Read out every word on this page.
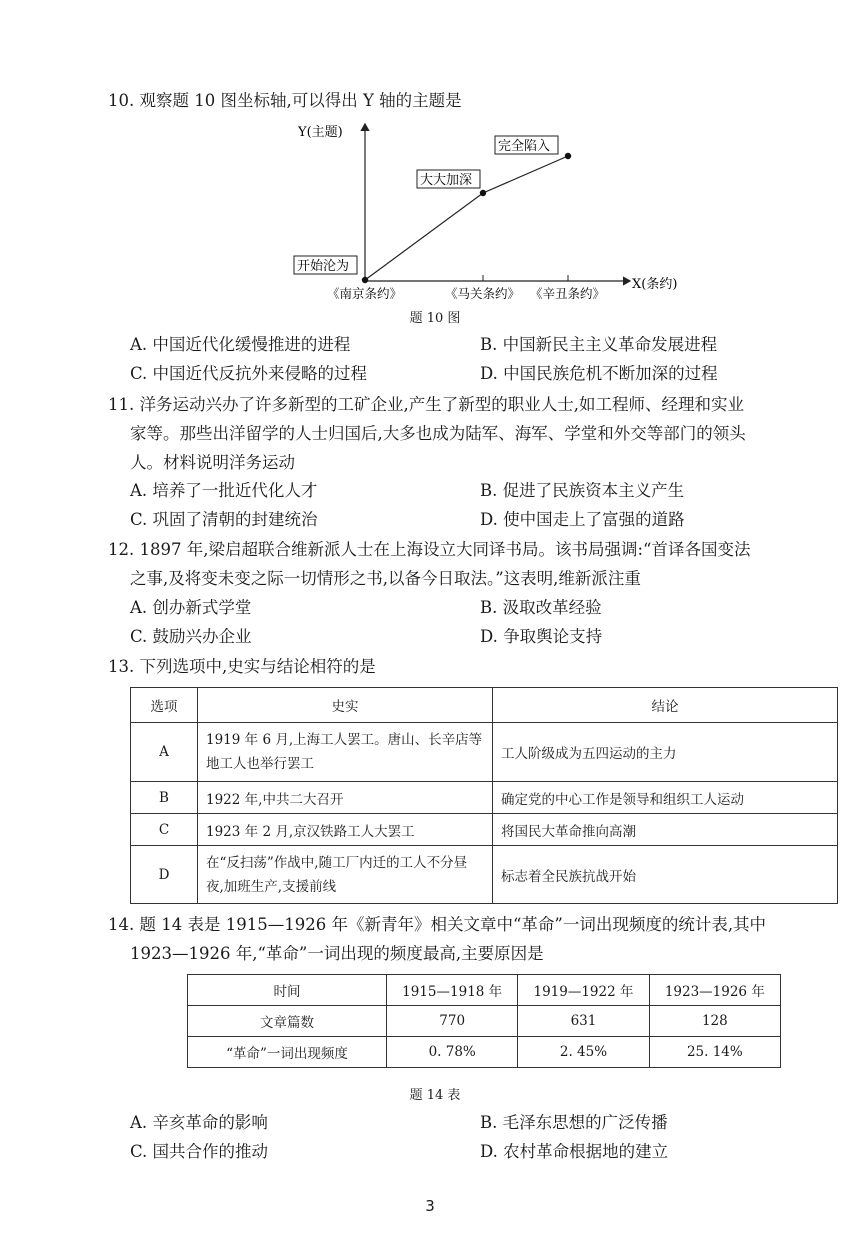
10. 观察题 10 图坐标轴,可以得出 Y 轴的主题是
Y(主题)
X(条约)
开始沦为
大大加深
完全陷入
《南京条约》	《马关条约》 《辛丑条约》
题 10 图
A. 中国近代化缓慢推进的进程	B. 中国新民主主义革命发展进程
C. 中国近代反抗外来侵略的过程	D. 中国民族危机不断加深的过程
11. 洋务运动兴办了许多新型的工矿企业,产生了新型的职业人士,如工程师、经理和实业
家等。那些出洋留学的人士归国后,大多也成为陆军、海军、学堂和外交等部门的领头
人。材料说明洋务运动
A. 培养了一批近代化人才	B. 促进了民族资本主义产生
C. 巩固了清朝的封建统治	D. 使中国走上了富强的道路
12. 1897 年,梁启超联合维新派人士在上海设立大同译书局。该书局强调:“首译各国变法
之事,及将变未变之际一切情形之书,以备今日取法。”这表明,维新派注重
A. 创办新式学堂	B. 汲取改革经验
C. 鼓励兴办企业	D. 争取舆论支持
13. 下列选项中,史实与结论相符的是
选项	史实	结论
A	1919 年 6 月,上海工人罢工。唐山、长辛店等地工人也举行罢工	工人阶级成为五四运动的主力
B	1922 年,中共二大召开	确定党的中心工作是领导和组织工人运动
C	1923 年 2 月,京汉铁路工人大罢工	将国民大革命推向高潮
D	在“反扫荡”作战中,随工厂内迁的工人不分昼夜,加班生产,支援前线	标志着全民族抗战开始
14. 题 14 表是 1915—1926 年《新青年》相关文章中“革命”一词出现频度的统计表,其中
1923—1926 年,“革命”一词出现的频度最高,主要原因是
时间	1915—1918 年	1919—1922 年	1923—1926 年
文章篇数	770	631	128
“革命”一词出现频度	0. 78%	2. 45%	25. 14%
题 14 表
A. 辛亥革命的影响	B. 毛泽东思想的广泛传播
C. 国共合作的推动	D. 农村革命根据地的建立
3
